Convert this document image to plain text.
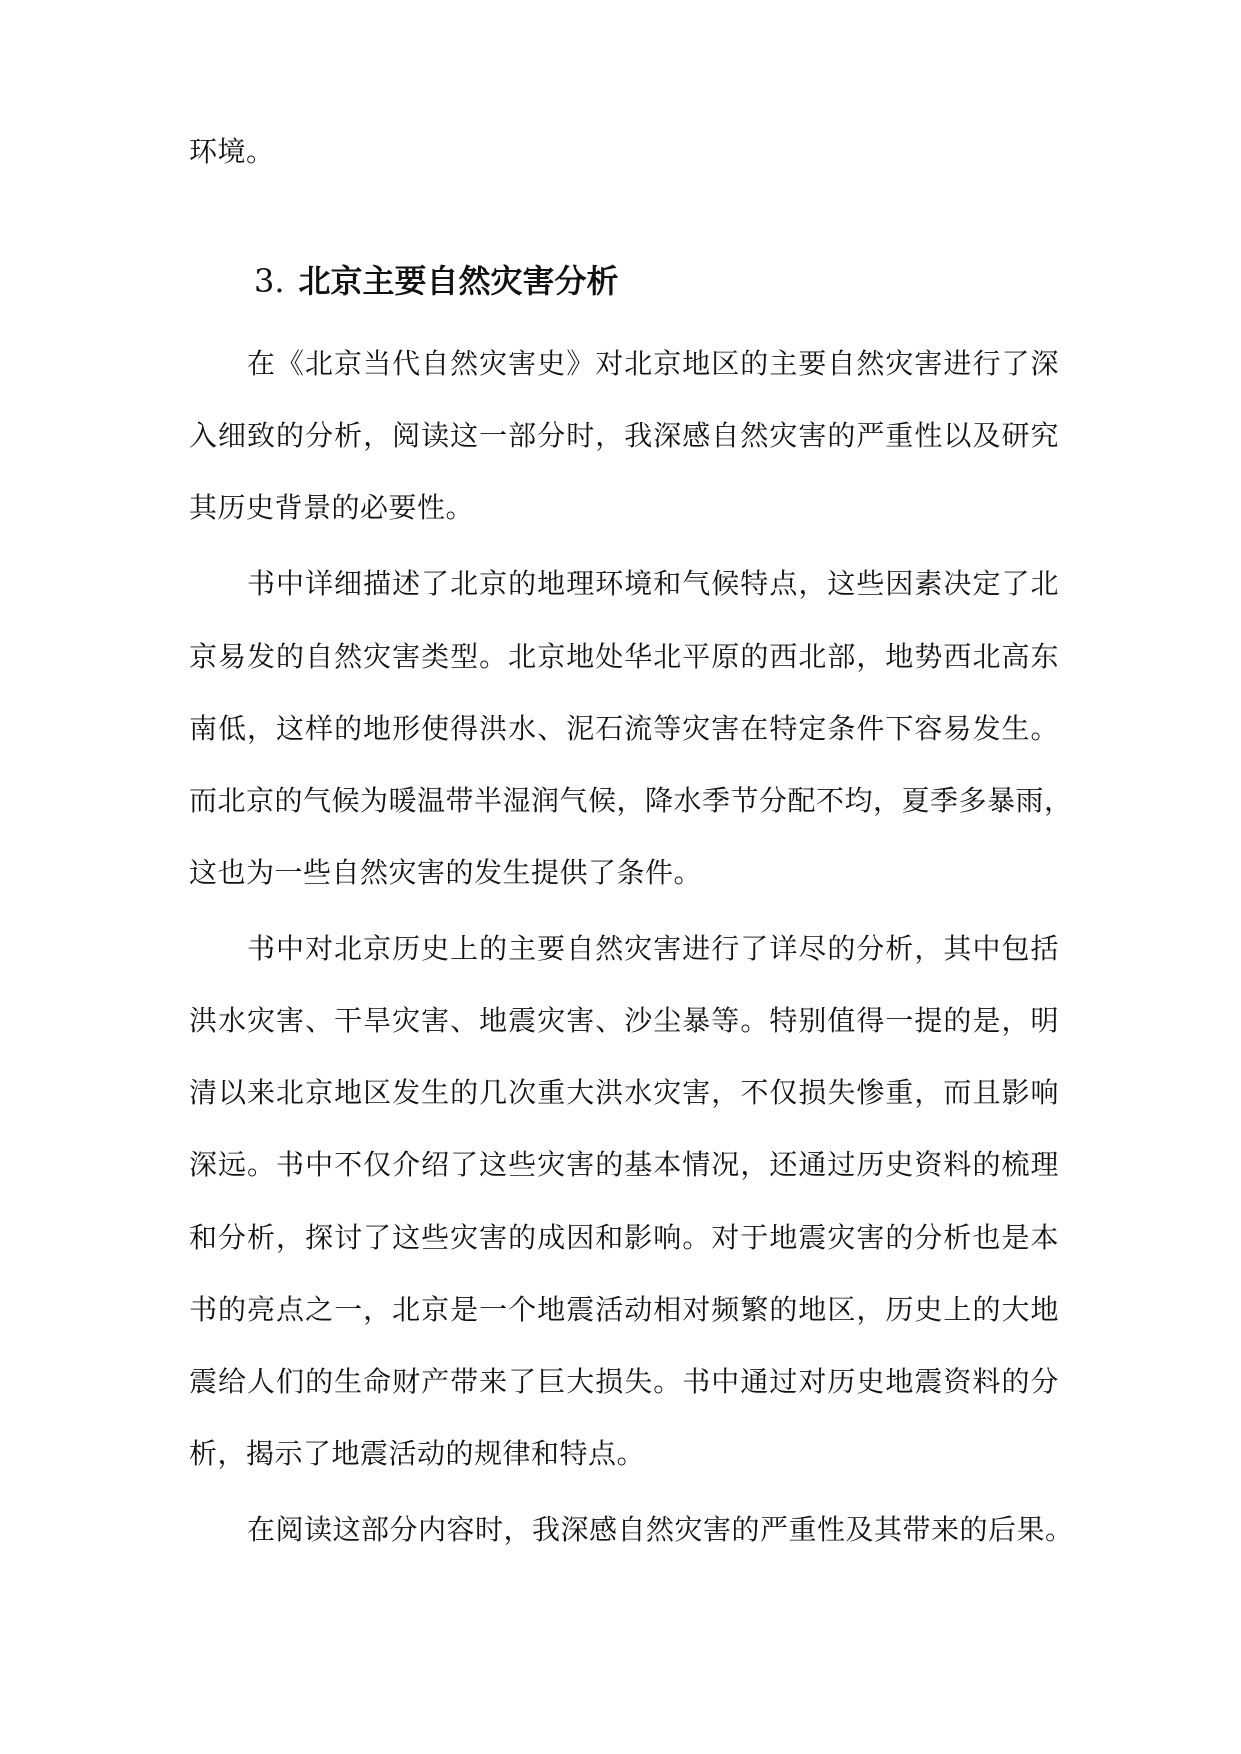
环境。
3. 北京主要自然灾害分析
在《北京当代自然灾害史》对北京地区的主要自然灾害进行了深
入细致的分析，阅读这一部分时，我深感自然灾害的严重性以及研究
其历史背景的必要性。
书中详细描述了北京的地理环境和气候特点，这些因素决定了北
京易发的自然灾害类型。北京地处华北平原的西北部，地势西北高东
南低，这样的地形使得洪水、泥石流等灾害在特定条件下容易发生。
而北京的气候为暖温带半湿润气候，降水季节分配不均，夏季多暴雨，
这也为一些自然灾害的发生提供了条件。
书中对北京历史上的主要自然灾害进行了详尽的分析，其中包括
洪水灾害、干旱灾害、地震灾害、沙尘暴等。特别值得一提的是，明
清以来北京地区发生的几次重大洪水灾害，不仅损失惨重，而且影响
深远。书中不仅介绍了这些灾害的基本情况，还通过历史资料的梳理
和分析，探讨了这些灾害的成因和影响。对于地震灾害的分析也是本
书的亮点之一，北京是一个地震活动相对频繁的地区，历史上的大地
震给人们的生命财产带来了巨大损失。书中通过对历史地震资料的分
析，揭示了地震活动的规律和特点。
在阅读这部分内容时，我深感自然灾害的严重性及其带来的后果。
